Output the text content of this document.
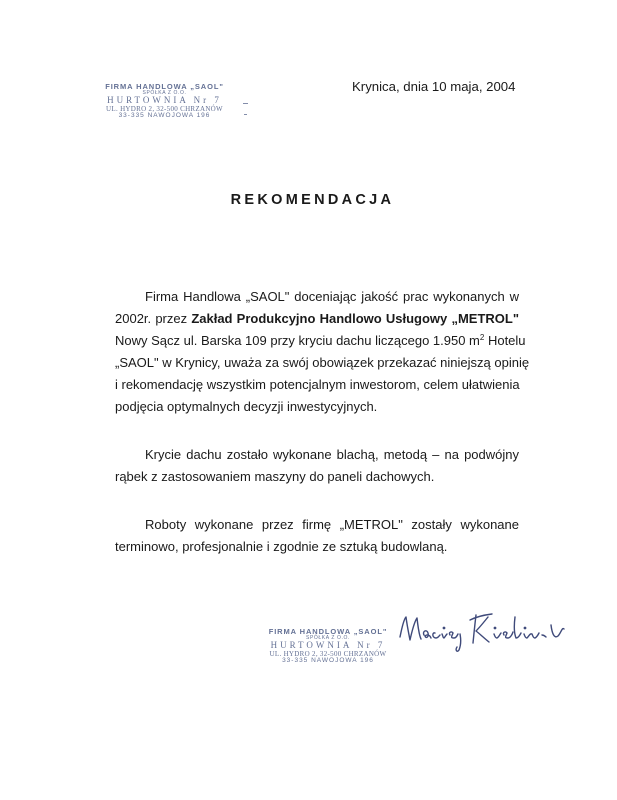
FIRMA HANDLOWA „SAOL"
SPÓŁKA Z O.O.
HURTOWNIA Nr 7
UL. HYDRO 2, 32-500 CHRZANÓW
33-335 NAWOJOWA 196
Krynica, dnia 10 maja, 2004
REKOMENDACJA
Firma Handlowa „SAOL" doceniając jakość prac wykonanych w
2002r. przez Zakład Produkcyjno Handlowo Usługowy „METROL"
Nowy Sącz ul. Barska 109 przy kryciu dachu liczącego 1.950 $m^2$ Hotelu
„SAOL" w Krynicy, uważa za swój obowiązek przekazać niniejszą opinię
i rekomendację wszystkim potencjalnym inwestorom, celem ułatwienia
podjęcia optymalnych decyzji inwestycyjnych.
Krycie dachu zostało wykonane blachą, metodą – na podwójny
rąbek z zastosowaniem maszyny do paneli dachowych.
Roboty wykonane przez firmę „METROL" zostały wykonane
terminowo, profesjonalnie i zgodnie ze sztuką budowlaną.
FIRMA HANDLOWA „SAOL"
SPÓŁKA Z O.O.
HURTOWNIA Nr 7
UL. HYDRO 2, 32-500 CHRZANÓW
33-335 NAWOJOWA 196
